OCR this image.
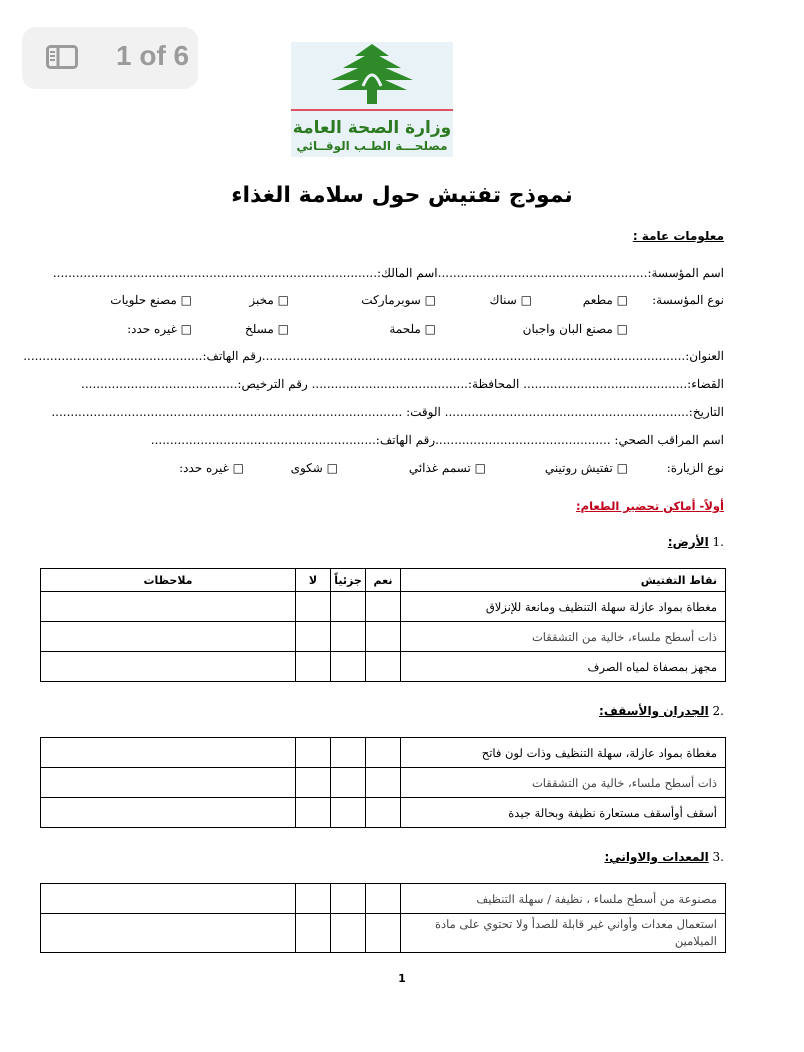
1 of 6
وزارة الصحة العامة
مصلحـــة الطـب الوقــائي
نموذج تفتيش حول سلامة الغذاء
معلومات عامة :
اسم المؤسسة:.......................................................اسم المالك:.....................................................................................
نوع المؤسسة:
□ مطعم
□ سناك
□ سوبرماركت
□ مخبز
□ مصنع حلويات
□ مصنع البان واجبان
□ ملحمة
□ مسلخ
□ غيره حدد:
العنوان:...............................................................................................................رقم الهاتف:...............................................
القضاء:........................................... المحافظة:......................................... رقم الترخيص:.........................................
التاريخ:................................................................ الوقت: ............................................................................................
اسم المراقب الصحي: ..............................................رقم الهاتف:...........................................................
نوع الزيارة:
□ تفتيش روتيني
□ تسمم غذائي
□ شكوى
□ غيره حدد:
أولاً- أماكن تحضير الطعام:
.1 الأرض:
نقاط التفتيش	نعم	جزئياً	لا	ملاحظات
مغطاة بمواد عازلة سهلة التنظيف ومانعة للإنزلاق				
ذات أسطح ملساء، خالية من التشققات				
مجهز بمصفاة لمياه الصرف				
.2 الجدران والأسقف:
مغطاة بمواد عازلة، سهلة التنظيف وذات لون فاتح				
ذات أسطح ملساء، خالية من التشققات				
أسقف أوأسقف مستعارة نظيفة وبحالة جيدة				
.3 المعدات والاواني:
مصنوعة من أسطح ملساء ، نظيفة / سهلة التنظيف				
استعمال معدات وأواني غير قابلة للصدأ ولا تحتوي على مادة الميلامين				
1
